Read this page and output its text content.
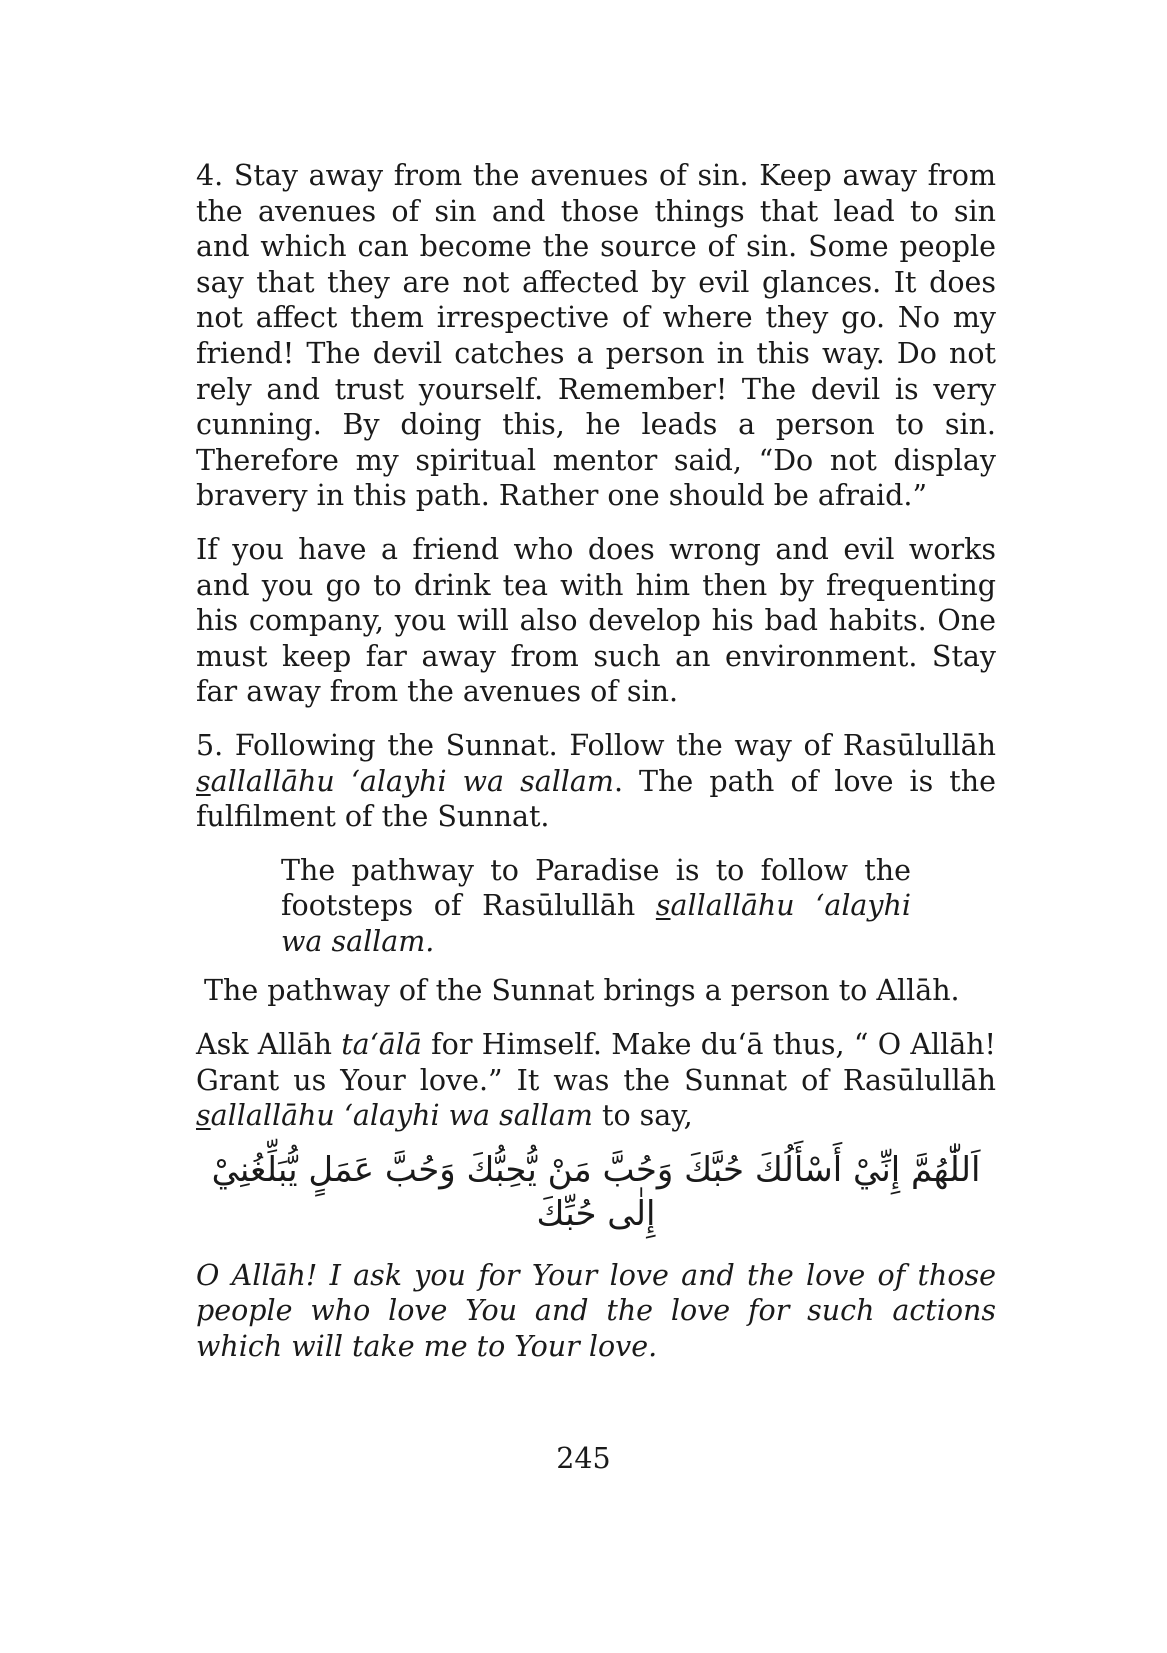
4. Stay away from the avenues of sin. Keep away from the avenues of sin and those things that lead to sin and which can become the source of sin. Some people say that they are not affected by evil glances. It does not affect them irrespective of where they go. No my friend! The devil catches a person in this way. Do not rely and trust yourself. Remember! The devil is very cunning. By doing this, he leads a person to sin. Therefore my spiritual mentor said, “Do not display bravery in this path. Rather one should be afraid.”

If you have a friend who does wrong and evil works and you go to drink tea with him then by frequenting his company, you will also develop his bad habits. One must keep far away from such an environment. Stay far away from the avenues of sin.

5. Following the Sunnat. Follow the way of Rasūlullāh sallallāhu ‘alayhi wa sallam. The path of love is the fulfilment of the Sunnat.

The pathway to Paradise is to follow the footsteps of Rasūlullāh sallallāhu ‘alayhi wa sallam.

The pathway of the Sunnat brings a person to Allāh.

Ask Allāh ta‘ālā for Himself. Make du‘ā thus, “ O Allāh! Grant us Your love.” It was the Sunnat of Rasūlullāh sallallāhu ‘alayhi wa sallam to say,

اَللّٰهُمَّ إِنِّيْ أَسْأَلُكَ حُبَّكَ وَحُبَّ مَنْ يُّحِبُّكَ وَحُبَّ عَمَلٍ يُّبَلِّغُنِيْ إِلٰى حُبِّكَ

O Allāh! I ask you for Your love and the love of those people who love You and the love for such actions which will take me to Your love.

245
